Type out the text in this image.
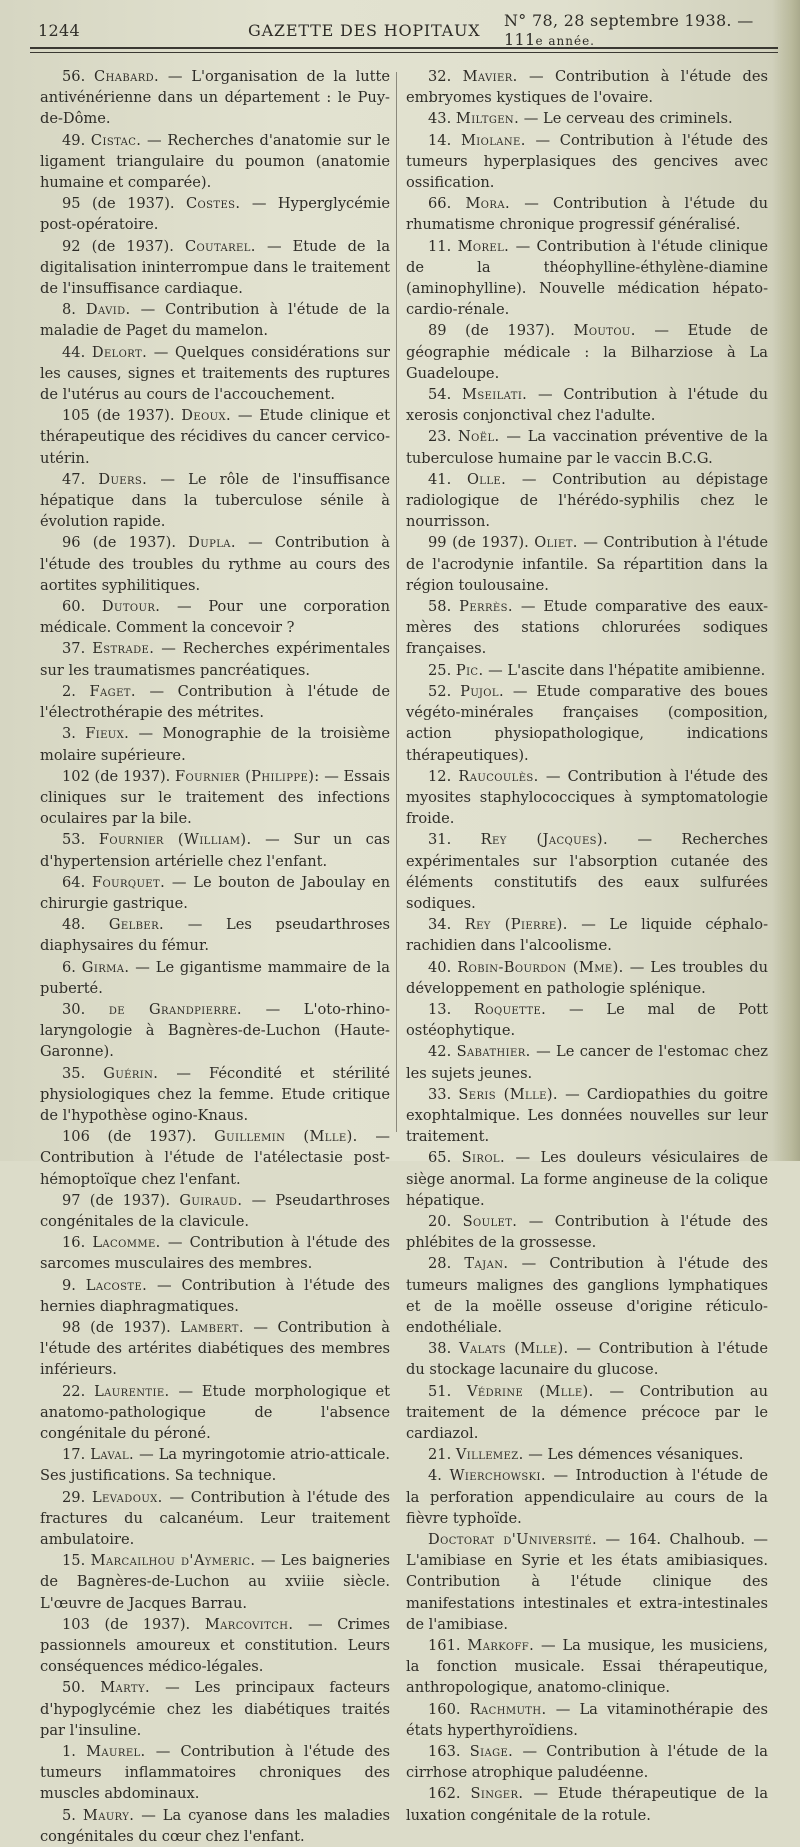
1244	GAZETTE DES HOPITAUX N° 78, 28 septembre 1938. — 111e année.

56. Chabard. — L'organisation de la lutte antivénérienne dans un département : le Puy-de-Dôme.

49. Cistac. — Recherches d'anatomie sur le ligament triangulaire du poumon (anatomie humaine et comparée).

95 (de 1937). Costes. — Hyperglycémie post-opératoire.

92 (de 1937). Coutarel. — Etude de la digitalisation ininterrompue dans le traitement de l'insuffisance cardiaque.

8. David. — Contribution à l'étude de la maladie de Paget du mamelon.

44. Delort. — Quelques considérations sur les causes, signes et traitements des ruptures de l'utérus au cours de l'accouchement.

105 (de 1937). Deoux. — Etude clinique et thérapeutique des récidives du cancer cervico-utérin.

47. Duers. — Le rôle de l'insuffisance hépatique dans la tuberculose sénile à évolution rapide.

96 (de 1937). Dupla. — Contribution à l'étude des troubles du rythme au cours des aortites syphilitiques.

60. Dutour. — Pour une corporation médicale. Comment la concevoir ?

37. Estrade. — Recherches expérimentales sur les traumatismes pancréatiques.

2. Faget. — Contribution à l'étude de l'électrothérapie des métrites.

3. Fieux. — Monographie de la troisième molaire supérieure.

102 (de 1937). Fournier (Philippe): — Essais cliniques sur le traitement des infections oculaires par la bile.

53. Fournier (William). — Sur un cas d'hypertension artérielle chez l'enfant.

64. Fourquet. — Le bouton de Jaboulay en chirurgie gastrique.

48. Gelber. — Les pseudarthroses diaphysaires du fémur.

6. Girma. — Le gigantisme mammaire de la puberté.

30. de Grandpierre. — L'oto-rhino-laryngologie à Bagnères-de-Luchon (Haute-Garonne).

35. Guérin. — Fécondité et stérilité physiologiques chez la femme. Etude critique de l'hypothèse ogino-Knaus.

106 (de 1937). Guillemin (Mlle). — Contribution à l'étude de l'atélectasie post-hémoptoïque chez l'enfant.

97 (de 1937). Guiraud. — Pseudarthroses congénitales de la clavicule.

16. Lacomme. — Contribution à l'étude des sarcomes musculaires des membres.

9. Lacoste. — Contribution à l'étude des hernies diaphragmatiques.

98 (de 1937). Lambert. — Contribution à l'étude des artérites diabétiques des membres inférieurs.

22. Laurentie. — Etude morphologique et anatomo-pathologique de l'absence congénitale du péroné.

17. Laval. — La myringotomie atrio-atticale. Ses justifications. Sa technique.

29. Levadoux. — Contribution à l'étude des fractures du calcanéum. Leur traitement ambulatoire.

15. Marcailhou d'Aymeric. — Les baigneries de Bagnères-de-Luchon au xviiie siècle. L'œuvre de Jacques Barrau.

103 (de 1937). Marcovitch. — Crimes passionnels amoureux et constitution. Leurs conséquences médico-légales.

50. Marty. — Les principaux facteurs d'hypoglycémie chez les diabétiques traités par l'insuline.

1. Maurel. — Contribution à l'étude des tumeurs inflammatoires chroniques des muscles abdominaux.

5. Maury. — La cyanose dans les maladies congénitales du cœur chez l'enfant.

32. Mavier. — Contribution à l'étude des embryomes kystiques de l'ovaire.

43. Miltgen. — Le cerveau des criminels.

14. Miolane. — Contribution à l'étude des tumeurs hyperplasiques des gencives avec ossification.

66. Mora. — Contribution à l'étude du rhumatisme chronique progressif généralisé.

11. Morel. — Contribution à l'étude clinique de la théophylline-éthylène-diamine (aminophylline). Nouvelle médication hépato-cardio-rénale.

89 (de 1937). Moutou. — Etude de géographie médicale : la Bilharziose à La Guadeloupe.

54. Mseilati. — Contribution à l'étude du xerosis conjonctival chez l'adulte.

23. Noël. — La vaccination préventive de la tuberculose humaine par le vaccin B.C.G.

41. Olle. — Contribution au dépistage radiologique de l'hérédo-syphilis chez le nourrisson.

99 (de 1937). Oliet. — Contribution à l'étude de l'acrodynie infantile. Sa répartition dans la région toulousaine.

58. Perrès. — Etude comparative des eaux-mères des stations chlorurées sodiques françaises.

25. Pic. — L'ascite dans l'hépatite amibienne.

52. Pujol. — Etude comparative des boues végéto-minérales françaises (composition, action physiopathologique, indications thérapeutiques).

12. Raucoulès. — Contribution à l'étude des myosites staphylococciques à symptomatologie froide.

31. Rey (Jacques). — Recherches expérimentales sur l'absorption cutanée des éléments constitutifs des eaux sulfurées sodiques.

34. Rey (Pierre). — Le liquide céphalo-rachidien dans l'alcoolisme.

40. Robin-Bourdon (Mme). — Les troubles du développement en pathologie splénique.

13. Roquette. — Le mal de Pott ostéophytique.

42. Sabathier. — Le cancer de l'estomac chez les sujets jeunes.

33. Seris (Mlle). — Cardiopathies du goitre exophtalmique. Les données nouvelles sur leur traitement.

65. Sirol. — Les douleurs vésiculaires de siège anormal. La forme angineuse de la colique hépatique.

20. Soulet. — Contribution à l'étude des phlébites de la grossesse.

28. Tajan. — Contribution à l'étude des tumeurs malignes des ganglions lymphatiques et de la moëlle osseuse d'origine réticulo-endothéliale.

38. Valats (Mlle). — Contribution à l'étude du stockage lacunaire du glucose.

51. Védrine (Mlle). — Contribution au traitement de la démence précoce par le cardiazol.

21. Villemez. — Les démences vésaniques.

4. Wierchowski. — Introduction à l'étude de la perforation appendiculaire au cours de la fièvre typhoïde.

Doctorat d'Université. — 164. Chalhoub. — L'amibiase en Syrie et les états amibiasiques. Contribution à l'étude clinique des manifestations intestinales et extra-intestinales de l'amibiase.

161. Markoff. — La musique, les musiciens, la fonction musicale. Essai thérapeutique, anthropologique, anatomo-clinique.

160. Rachmuth. — La vitaminothérapie des états hyperthyroïdiens.

163. Siage. — Contribution à l'étude de la cirrhose atrophique paludéenne.

162. Singer. — Etude thérapeutique de la luxation congénitale de la rotule.
